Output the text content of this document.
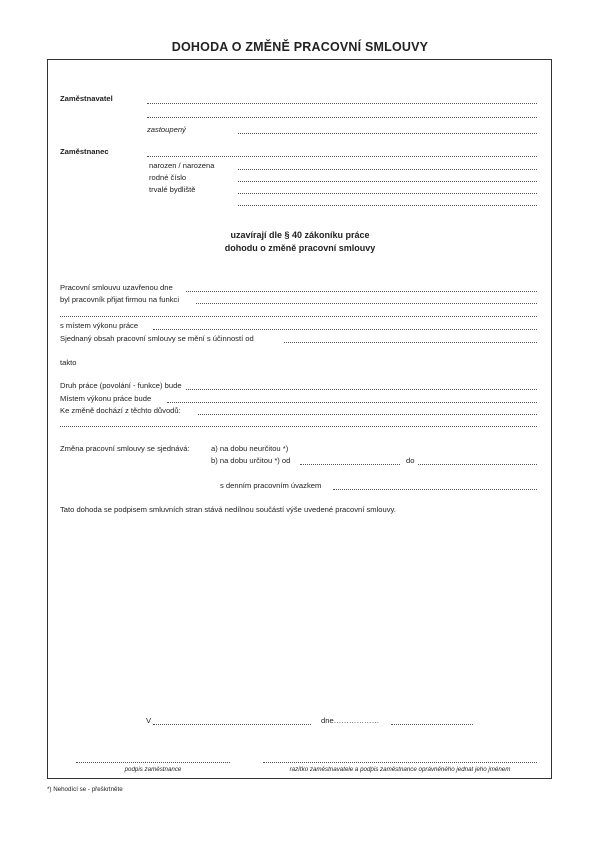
DOHODA O ZMĚNĚ PRACOVNÍ SMLOUVY
Zaměstnavatel
zastoupený
Zaměstnanec
narozen / narozena
rodné číslo
trvalé bydliště
uzavírají dle § 40 zákoníku práce
dohodu o změně pracovní smlouvy
Pracovní smlouvu uzavřenou dne
byl pracovník přijat firmou na funkci
s místem výkonu práce
Sjednaný obsah pracovní smlouvy se mění s účinností od
takto
Druh práce (povolání - funkce) bude
Místem výkonu práce bude
Ke změně dochází z těchto důvodů:
Změna pracovní smlouvy se sjednává:	a) na dobu neurčitou *)
b) na dobu určitou *) od	do
s denním pracovním úvazkem
Tato dohoda se podpisem smluvních stran stává nedílnou součástí výše uvedené pracovní smlouvy.
V	dne………………
podpis zaměstnance	razítko zaměstnavatele a podpis zaměstnance oprávněného jednat jeho jménem
*) Nehodící se - přeškrtněte
